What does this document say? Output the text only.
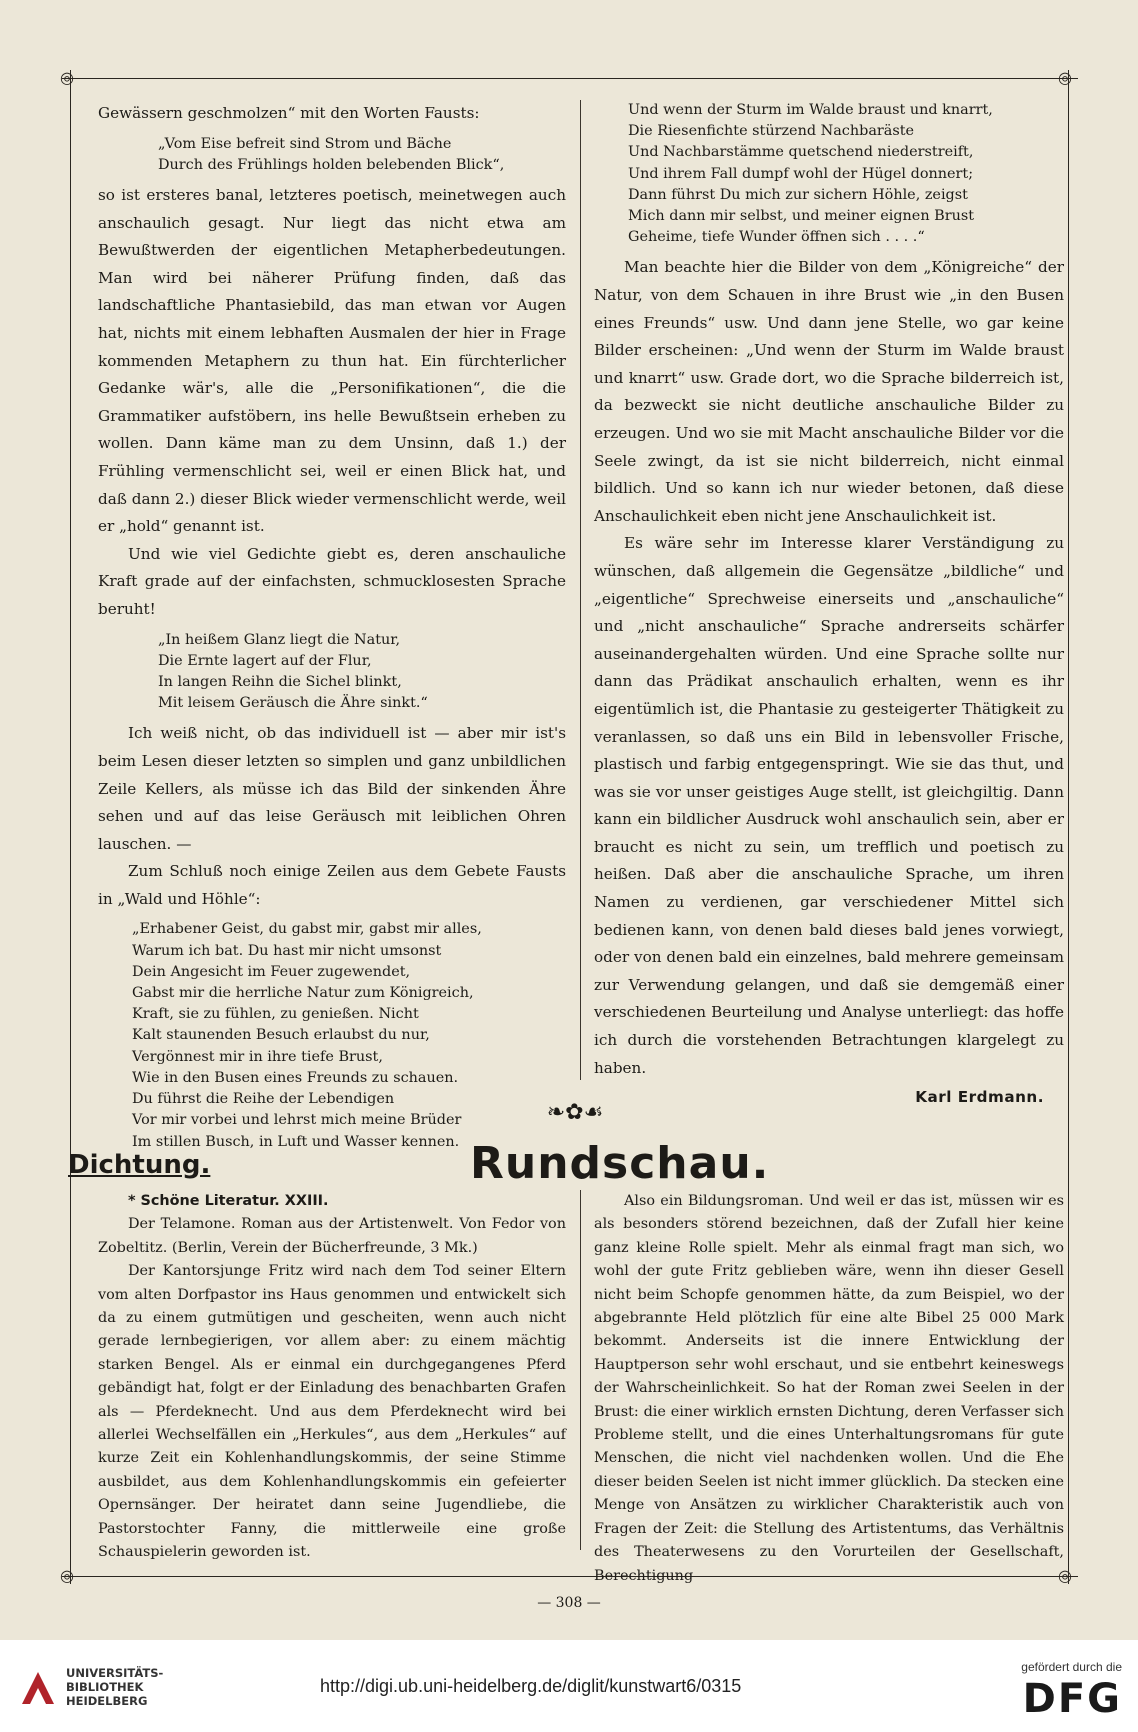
◎	◎
◎	◎

Gewässern geschmolzen“ mit den Worten Fausts:

„Vom Eise befreit sind Strom und Bäche
Durch des Frühlings holden belebenden Blick“,

so ist ersteres banal, letzteres poetisch, meinetwegen auch anschaulich gesagt. Nur liegt das nicht etwa am Bewußtwerden der eigentlichen Metapherbedeutungen. Man wird bei näherer Prüfung finden, daß das landschaftliche Phantasiebild, das man etwan vor Augen hat, nichts mit einem lebhaften Ausmalen der hier in Frage kommenden Metaphern zu thun hat. Ein fürchterlicher Gedanke wär's, alle die „Personifikationen“, die die Grammatiker aufstöbern, ins helle Bewußtsein erheben zu wollen. Dann käme man zu dem Unsinn, daß 1.) der Frühling vermenschlicht sei, weil er einen Blick hat, und daß dann 2.) dieser Blick wieder vermenschlicht werde, weil er „hold“ genannt ist.

Und wie viel Gedichte giebt es, deren anschauliche Kraft grade auf der einfachsten, schmucklosesten Sprache beruht!

„In heißem Glanz liegt die Natur,
Die Ernte lagert auf der Flur,
In langen Reihn die Sichel blinkt,
Mit leisem Geräusch die Ähre sinkt.“

Ich weiß nicht, ob das individuell ist — aber mir ist's beim Lesen dieser letzten so simplen und ganz unbildlichen Zeile Kellers, als müsse ich das Bild der sinkenden Ähre sehen und auf das leise Geräusch mit leiblichen Ohren lauschen. —

Zum Schluß noch einige Zeilen aus dem Gebete Fausts in „Wald und Höhle“:

„Erhabener Geist, du gabst mir, gabst mir alles,
Warum ich bat. Du hast mir nicht umsonst
Dein Angesicht im Feuer zugewendet,
Gabst mir die herrliche Natur zum Königreich,
Kraft, sie zu fühlen, zu genießen. Nicht
Kalt staunenden Besuch erlaubst du nur,
Vergönnest mir in ihre tiefe Brust,
Wie in den Busen eines Freunds zu schauen.
Du führst die Reihe der Lebendigen
Vor mir vorbei und lehrst mich meine Brüder
Im stillen Busch, in Luft und Wasser kennen.
Und wenn der Sturm im Walde braust und knarrt,
Die Riesenfichte stürzend Nachbaräste
Und Nachbarstämme quetschend niederstreift,
Und ihrem Fall dumpf wohl der Hügel donnert;
Dann führst Du mich zur sichern Höhle, zeigst
Mich dann mir selbst, und meiner eignen Brust
Geheime, tiefe Wunder öffnen sich . . . .“

Man beachte hier die Bilder von dem „Königreiche“ der Natur, von dem Schauen in ihre Brust wie „in den Busen eines Freunds“ usw. Und dann jene Stelle, wo gar keine Bilder erscheinen: „Und wenn der Sturm im Walde braust und knarrt“ usw. Grade dort, wo die Sprache bilderreich ist, da bezweckt sie nicht deutliche anschauliche Bilder zu erzeugen. Und wo sie mit Macht anschauliche Bilder vor die Seele zwingt, da ist sie nicht bilderreich, nicht einmal bildlich. Und so kann ich nur wieder betonen, daß diese Anschaulichkeit eben nicht jene Anschaulichkeit ist.

Es wäre sehr im Interesse klarer Verständigung zu wünschen, daß allgemein die Gegensätze „bildliche“ und „eigentliche“ Sprechweise einerseits und „anschauliche“ und „nicht anschauliche“ Sprache andrerseits schärfer auseinandergehalten würden. Und eine Sprache sollte nur dann das Prädikat anschaulich erhalten, wenn es ihr eigentümlich ist, die Phantasie zu gesteigerter Thätigkeit zu veranlassen, so daß uns ein Bild in lebensvoller Frische, plastisch und farbig entgegenspringt. Wie sie das thut, und was sie vor unser geistiges Auge stellt, ist gleichgiltig. Dann kann ein bildlicher Ausdruck wohl anschaulich sein, aber er braucht es nicht zu sein, um trefflich und poetisch zu heißen. Daß aber die anschauliche Sprache, um ihren Namen zu verdienen, gar verschiedener Mittel sich bedienen kann, von denen bald dieses bald jenes vorwiegt, oder von denen bald ein einzelnes, bald mehrere gemeinsam zur Verwendung gelangen, und daß sie demgemäß einer verschiedenen Beurteilung und Analyse unterliegt: das hoffe ich durch die vorstehenden Betrachtungen klargelegt zu haben.

Karl Erdmann.
❧✿☙
Dichtung.	Rundschau.

* Schöne Literatur. XXIII.

Der Telamone. Roman aus der Artistenwelt. Von Fedor von Zobeltitz. (Berlin, Verein der Bücherfreunde, 3 Mk.)

Der Kantorsjunge Fritz wird nach dem Tod seiner Eltern vom alten Dorfpastor ins Haus genommen und entwickelt sich da zu einem gutmütigen und gescheiten, wenn auch nicht gerade lernbegierigen, vor allem aber: zu einem mächtig starken Bengel. Als er einmal ein durchgegangenes Pferd gebändigt hat, folgt er der Einladung des benachbarten Grafen als — Pferdeknecht. Und aus dem Pferdeknecht wird bei allerlei Wechselfällen ein „Herkules“, aus dem „Herkules“ auf kurze Zeit ein Kohlenhandlungskommis, der seine Stimme ausbildet, aus dem Kohlenhandlungskommis ein gefeierter Opernsänger. Der heiratet dann seine Jugendliebe, die Pastorstochter Fanny, die mittlerweile eine große Schauspielerin geworden ist.

Also ein Bildungsroman. Und weil er das ist, müssen wir es als besonders störend bezeichnen, daß der Zufall hier keine ganz kleine Rolle spielt. Mehr als einmal fragt man sich, wo wohl der gute Fritz geblieben wäre, wenn ihn dieser Gesell nicht beim Schopfe genommen hätte, da zum Beispiel, wo der abgebrannte Held plötzlich für eine alte Bibel 25 000 Mark bekommt. Anderseits ist die innere Entwicklung der Hauptperson sehr wohl erschaut, und sie entbehrt keineswegs der Wahrscheinlichkeit. So hat der Roman zwei Seelen in der Brust: die einer wirklich ernsten Dichtung, deren Verfasser sich Probleme stellt, und die eines Unterhaltungsromans für gute Menschen, die nicht viel nachdenken wollen. Und die Ehe dieser beiden Seelen ist nicht immer glücklich. Da stecken eine Menge von Ansätzen zu wirklicher Charakteristik auch von Fragen der Zeit: die Stellung des Artistentums, das Verhältnis des Theaterwesens zu den Vorurteilen der Gesellschaft, Berechtigung

— 308 —
UNIVERSITÄTS-
BIBLIOTHEK
HEIDELBERG
http://digi.ub.uni-heidelberg.de/diglit/kunstwart6/0315
gefördert durch die
DFG
